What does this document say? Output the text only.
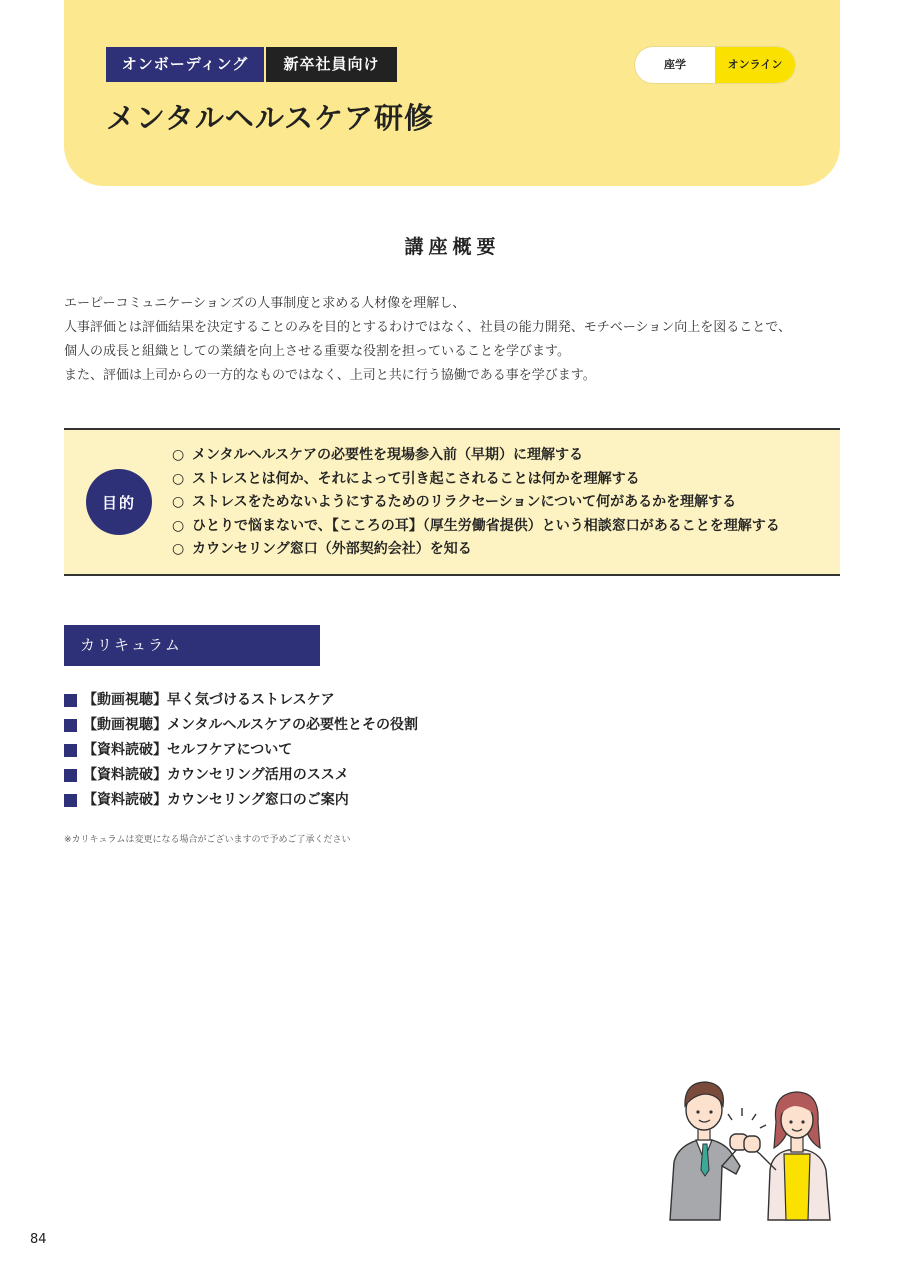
オンボーディング	新卒社員向け
メンタルヘルスケア研修
座学	オンライン
講座概要

エーピーコミュニケーションズの人事制度と求める人材像を理解し、

人事評価とは評価結果を決定することのみを目的とするわけではなく、社員の能力開発、モチベーション向上を図ることで、

個人の成長と組織としての業績を向上させる重要な役割を担っていることを学びます。

また、評価は上司からの一方的なものではなく、上司と共に行う協働である事を学びます。

目的
○ メンタルヘルスケアの必要性を現場参入前（早期）に理解する
○ ストレスとは何か、それによって引き起こされることは何かを理解する
○ ストレスをためないようにするためのリラクセーションについて何があるかを理解する
○ ひとりで悩まないで、【こころの耳】（厚生労働省提供）という相談窓口があることを理解する
○ カウンセリング窓口（外部契約会社）を知る
カリキュラム
【動画視聴】早く気づけるストレスケア
【動画視聴】メンタルヘルスケアの必要性とその役割
【資料読破】セルフケアについて
【資料読破】カウンセリング活用のススメ
【資料読破】カウンセリング窓口のご案内

※カリキュラムは変更になる場合がございますので予めご了承ください

84
